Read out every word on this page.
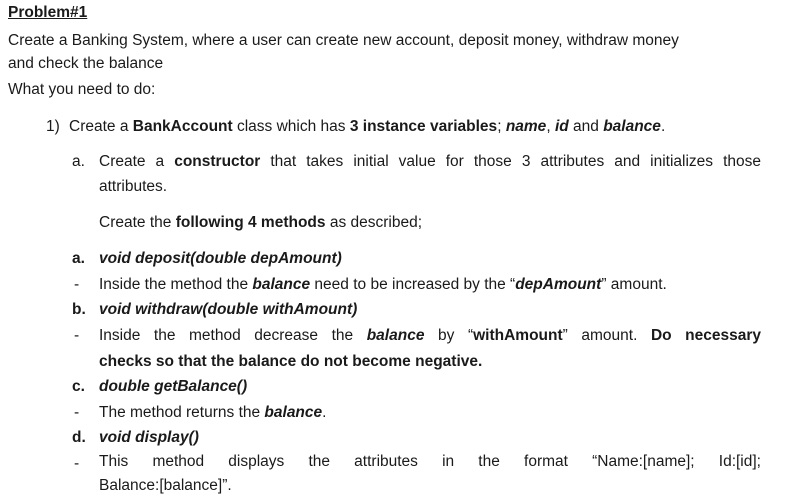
Problem#1
Create a Banking System, where a user can create new account, deposit money, withdraw money
and check the balance
What you need to do:
1) Create a BankAccount class which has 3 instance variables; name, id and balance.
a. Create a constructor that takes initial value for those 3 attributes and initializes those
attributes.
Create the following 4 methods as described;
a. void deposit(double depAmount)
- Inside the method the balance need to be increased by the “depAmount” amount.
b. void withdraw(double withAmount)
- Inside the method decrease the balance by “withAmount” amount. Do necessary
checks so that the balance do not become negative.
c. double getBalance()
- The method returns the balance.
d. void display()
- This method displays the attributes in the format “Name:[name]; Id:[id];
Balance:[balance]”.
